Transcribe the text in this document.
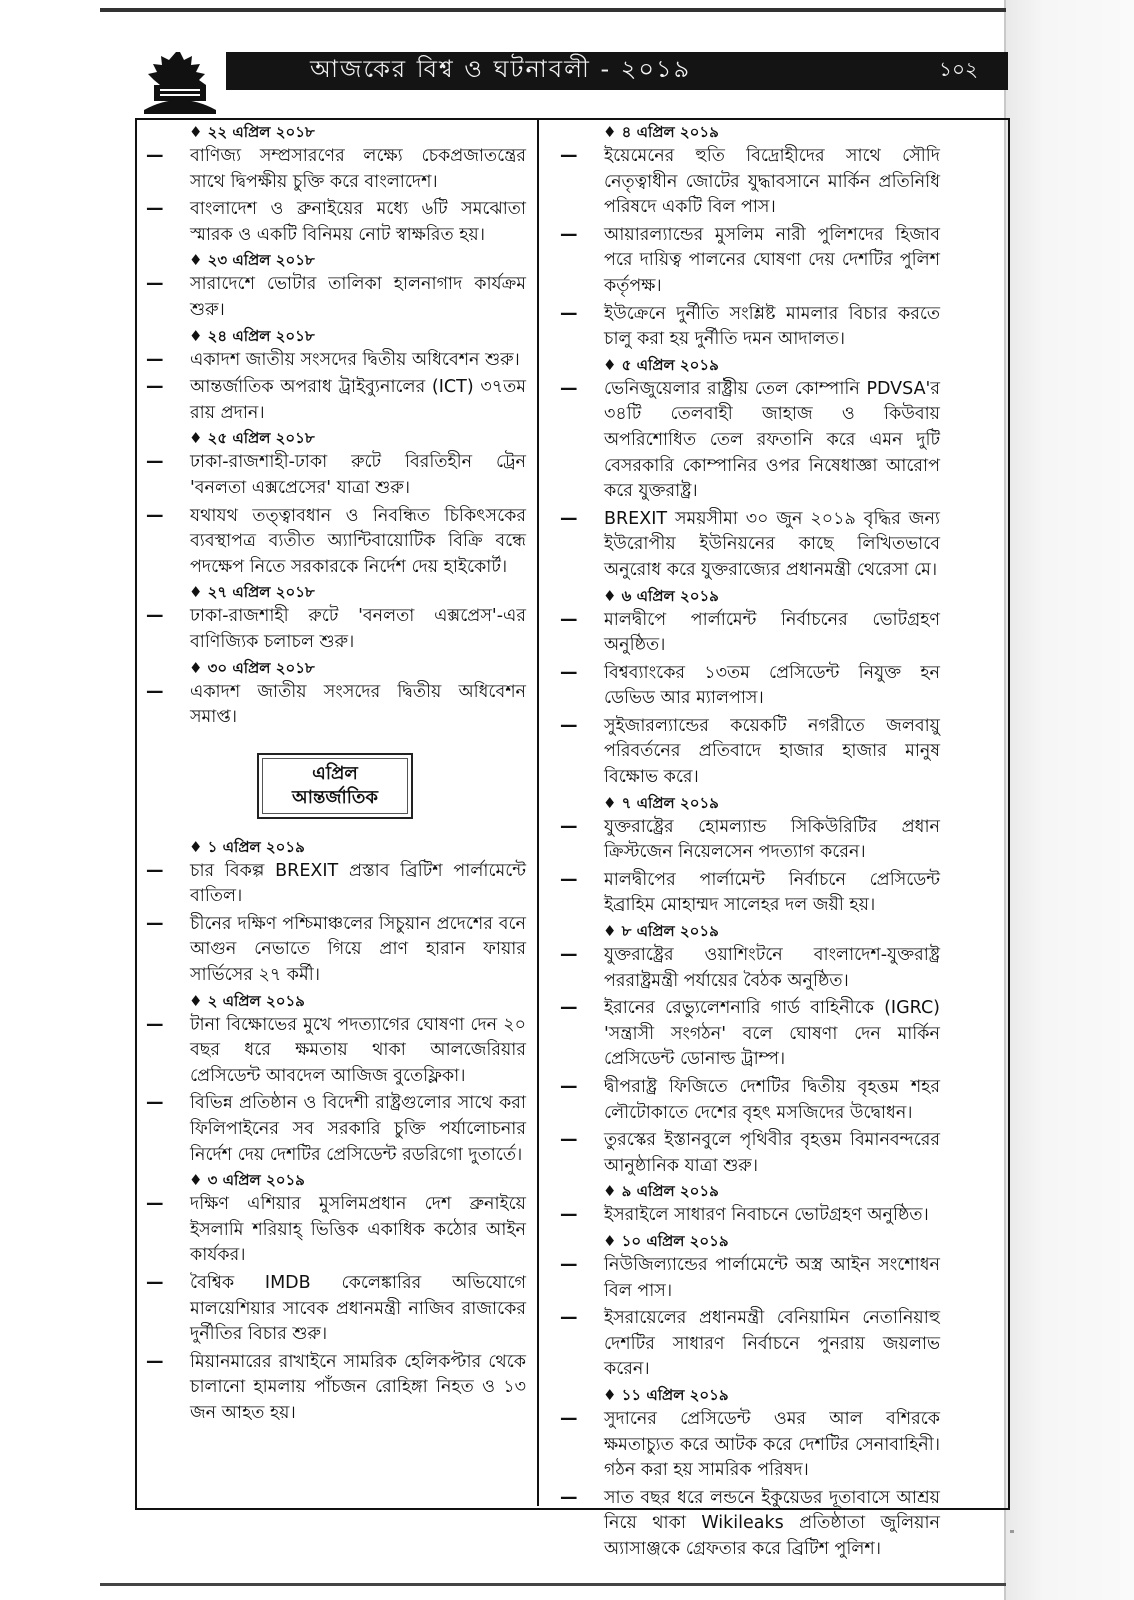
আজকের বিশ্ব ও ঘটনাবলী - ২০১৯	১০২
♦ ২২ এপ্রিল ২০১৮
—	বাণিজ্য সম্প্রসারণের লক্ষ্যে চেকপ্রজাতন্ত্রের সাথে দ্বিপক্ষীয় চুক্তি করে বাংলাদেশ।
—	বাংলাদেশ ও ব্রুনাইয়ের মধ্যে ৬টি সমঝোতা স্মারক ও একটি বিনিময় নোট স্বাক্ষরিত হয়।
♦ ২৩ এপ্রিল ২০১৮
—	সারাদেশে ভোটার তালিকা হালনাগাদ কার্যক্রম শুরু।
♦ ২৪ এপ্রিল ২০১৮
—	একাদশ জাতীয় সংসদের দ্বিতীয় অধিবেশন শুরু।
—	আন্তর্জাতিক অপরাধ ট্রাইব্যুনালের (ICT) ৩৭তম রায় প্রদান।
♦ ২৫ এপ্রিল ২০১৮
—	ঢাকা-রাজশাহী-ঢাকা রুটে বিরতিহীন ট্রেন 'বনলতা এক্সপ্রেসের' যাত্রা শুরু।
—	যথাযথ তত্ত্বাবধান ও নিবন্ধিত চিকিৎসকের ব্যবস্থাপত্র ব্যতীত অ্যান্টিবায়োটিক বিক্রি বন্ধে পদক্ষেপ নিতে সরকারকে নির্দেশ দেয় হাইকোর্ট।
♦ ২৭ এপ্রিল ২০১৮
—	ঢাকা-রাজশাহী রুটে 'বনলতা এক্সপ্রেস'-এর বাণিজ্যিক চলাচল শুরু।
♦ ৩০ এপ্রিল ২০১৮
—	একাদশ জাতীয় সংসদের দ্বিতীয় অধিবেশন সমাপ্ত।
এপ্রিল
আন্তর্জাতিক
♦ ১ এপ্রিল ২০১৯
—	চার বিকল্প BREXIT প্রস্তাব ব্রিটিশ পার্লামেন্টে বাতিল।
—	চীনের দক্ষিণ পশ্চিমাঞ্চলের সিচুয়ান প্রদেশের বনে আগুন নেভাতে গিয়ে প্রাণ হারান ফায়ার সার্ভিসের ২৭ কর্মী।
♦ ২ এপ্রিল ২০১৯
—	টানা বিক্ষোভের মুখে পদত্যাগের ঘোষণা দেন ২০ বছর ধরে ক্ষমতায় থাকা আলজেরিয়ার প্রেসিডেন্ট আবদেল আজিজ বুতেফ্লিকা।
—	বিভিন্ন প্রতিষ্ঠান ও বিদেশী রাষ্ট্রগুলোর সাথে করা ফিলিপাইনের সব সরকারি চুক্তি পর্যালোচনার নির্দেশ দেয় দেশটির প্রেসিডেন্ট রডরিগো দুতার্তে।
♦ ৩ এপ্রিল ২০১৯
—	দক্ষিণ এশিয়ার মুসলিমপ্রধান দেশ ব্রুনাইয়ে ইসলামি শরিয়াহ্ ভিত্তিক একাধিক কঠোর আইন কার্যকর।
—	বৈশ্বিক IMDB কেলেঙ্কারির অভিযোগে মালয়েশিয়ার সাবেক প্রধানমন্ত্রী নাজিব রাজাকের দুর্নীতির বিচার শুরু।
—	মিয়ানমারের রাখাইনে সামরিক হেলিকপ্টার থেকে চালানো হামলায় পাঁচজন রোহিঙ্গা নিহত ও ১৩ জন আহত হয়।
♦ ৪ এপ্রিল ২০১৯
—	ইয়েমেনের হুতি বিদ্রোহীদের সাথে সৌদি নেতৃত্বাধীন জোটের যুদ্ধাবসানে মার্কিন প্রতিনিধি পরিষদে একটি বিল পাস।
—	আয়ারল্যান্ডের মুসলিম নারী পুলিশদের হিজাব পরে দায়িত্ব পালনের ঘোষণা দেয় দেশটির পুলিশ কর্তৃপক্ষ।
—	ইউক্রেনে দুর্নীতি সংশ্লিষ্ট মামলার বিচার করতে চালু করা হয় দুর্নীতি দমন আদালত।
♦ ৫ এপ্রিল ২০১৯
—	ভেনিজুয়েলার রাষ্ট্রীয় তেল কোম্পানি PDVSA'র ৩৪টি তেলবাহী জাহাজ ও কিউবায় অপরিশোধিত তেল রফতানি করে এমন দুটি বেসরকারি কোম্পানির ওপর নিষেধাজ্ঞা আরোপ করে যুক্তরাষ্ট্র।
—	BREXIT সময়সীমা ৩০ জুন ২০১৯ বৃদ্ধির জন্য ইউরোপীয় ইউনিয়নের কাছে লিখিতভাবে অনুরোধ করে যুক্তরাজ্যের প্রধানমন্ত্রী থেরেসা মে।
♦ ৬ এপ্রিল ২০১৯
—	মালদ্বীপে পার্লামেন্ট নির্বাচনের ভোটগ্রহণ অনুষ্ঠিত।
—	বিশ্বব্যাংকের ১৩তম প্রেসিডেন্ট নিযুক্ত হন ডেভিড আর ম্যালপাস।
—	সুইজারল্যান্ডের কয়েকটি নগরীতে জলবায়ু পরিবর্তনের প্রতিবাদে হাজার হাজার মানুষ বিক্ষোভ করে।
♦ ৭ এপ্রিল ২০১৯
—	যুক্তরাষ্ট্রের হোমল্যান্ড সিকিউরিটির প্রধান ক্রিস্টজেন নিয়েলসেন পদত্যাগ করেন।
—	মালদ্বীপের পার্লামেন্ট নির্বাচনে প্রেসিডেন্ট ইব্রাহিম মোহাম্মদ সালেহর দল জয়ী হয়।
♦ ৮ এপ্রিল ২০১৯
—	যুক্তরাষ্ট্রের ওয়াশিংটনে বাংলাদেশ-যুক্তরাষ্ট্র পররাষ্ট্রমন্ত্রী পর্যায়ের বৈঠক অনুষ্ঠিত।
—	ইরানের রেভ্যুলেশনারি গার্ড বাহিনীকে (IGRC) 'সন্ত্রাসী সংগঠন' বলে ঘোষণা দেন মার্কিন প্রেসিডেন্ট ডোনাল্ড ট্রাম্প।
—	দ্বীপরাষ্ট্র ফিজিতে দেশটির দ্বিতীয় বৃহত্তম শহর লৌটোকাতে দেশের বৃহৎ মসজিদের উদ্বোধন।
—	তুরস্কের ইস্তানবুলে পৃথিবীর বৃহত্তম বিমানবন্দরের আনুষ্ঠানিক যাত্রা শুরু।
♦ ৯ এপ্রিল ২০১৯
—	ইসরাইলে সাধারণ নিবাচনে ভোটগ্রহণ অনুষ্ঠিত।
♦ ১০ এপ্রিল ২০১৯
—	নিউজিল্যান্ডের পার্লামেন্টে অস্ত্র আইন সংশোধন বিল পাস।
—	ইসরায়েলের প্রধানমন্ত্রী বেনিয়ামিন নেতানিয়াহু দেশটির সাধারণ নির্বাচনে পুনরায় জয়লাভ করেন।
♦ ১১ এপ্রিল ২০১৯
—	সুদানের প্রেসিডেন্ট ওমর আল বশিরকে ক্ষমতাচ্যুত করে আটক করে দেশটির সেনাবাহিনী। গঠন করা হয় সামরিক পরিষদ।
—	সাত বছর ধরে লন্ডনে ইকুয়েডর দূতাবাসে আশ্রয় নিয়ে থাকা Wikileaks প্রতিষ্ঠাতা জুলিয়ান অ্যাসাঞ্জকে গ্রেফতার করে ব্রিটিশ পুলিশ।
